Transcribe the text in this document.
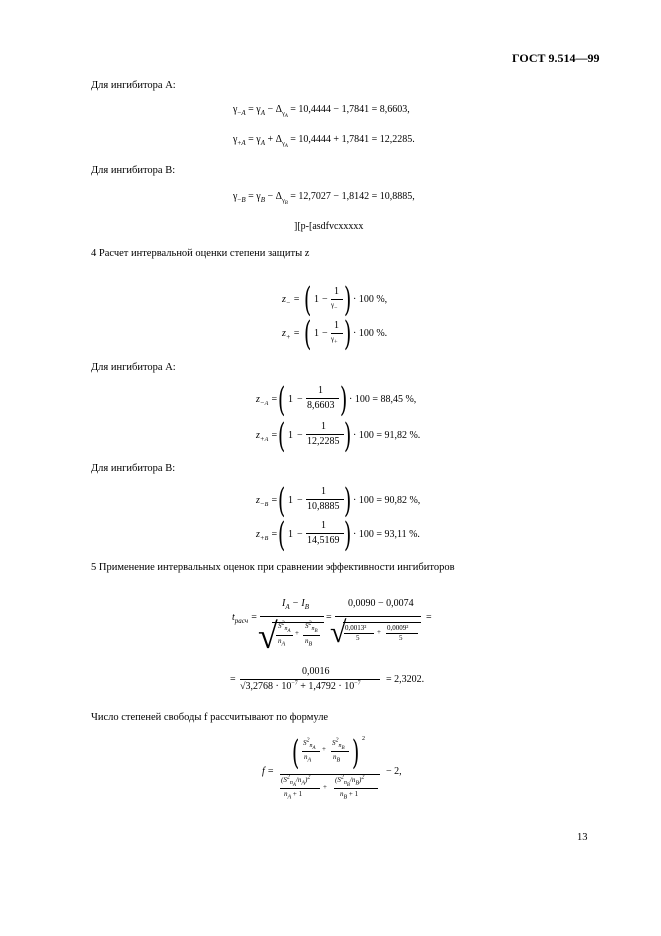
ГОСТ 9.514—99
Для ингибитора A:
$\gamma_{-A} = \gamma_A - \Delta_{\gamma_A} = 10,4444 - 1,7841 = 8,6603$,
$\gamma_{+A} = \gamma_A + \Delta_{\gamma_A} = 10,4444 + 1,7841 = 12,2285$.
Для ингибитора B:
$\gamma_{-B} = \gamma_B - \Delta_{\gamma_B} = 12,7027 - 1,8142 = 10,8885$,
][p-[asdfvcxxxxx
4 Расчет интервальной оценки степени защиты z
$z_-$ = ( 1 −
1
$\gamma_-$ ) · 100 %,
$z_+$ = ( 1 −
1
$\gamma_+$ ) · 100 %.
Для ингибитора A:
$z_{-A}$ = ( 1 −
1
8,6603 ) · 100 = 88,45 %,
$z_{+A}$ = ( 1 −
1
12,2285 ) · 100 = 91,82 %.
Для ингибитора B:
$z_{-B}$ = ( 1 −
1
10,8885 ) · 100 = 90,82 %,
$z_{+B}$ = ( 1 −
1
14,5169 ) · 100 = 93,11 %.
5 Применение интервальных оценок при сравнении эффективности ингибиторов
$t_{расч}$ =
$I_A - I_B$
√ $S^2_{n_A}$
$n_A$
+
$S^2_{n_B}$
$n_B$
=
0,0090 − 0,0074
√
0,0013²
5
+ 0,0009²
5
=
=
0,0016
$√3,2768 \cdot 10^{-7} + 1,4792 \cdot 10^{-7}$	= 2,3202.
Число степеней свободы f рассчитывают по формуле
f = ( $S^2_{n_A}$
$n_A$
+
$S^2_{n_B}$
$n_B$ ) 2
$(S^2_{n_A}/n_A)^2$
$n_A + 1$
+
$(S^2_{n_B}/n_B)^2$
$n_B + 1$
− 2,
13
